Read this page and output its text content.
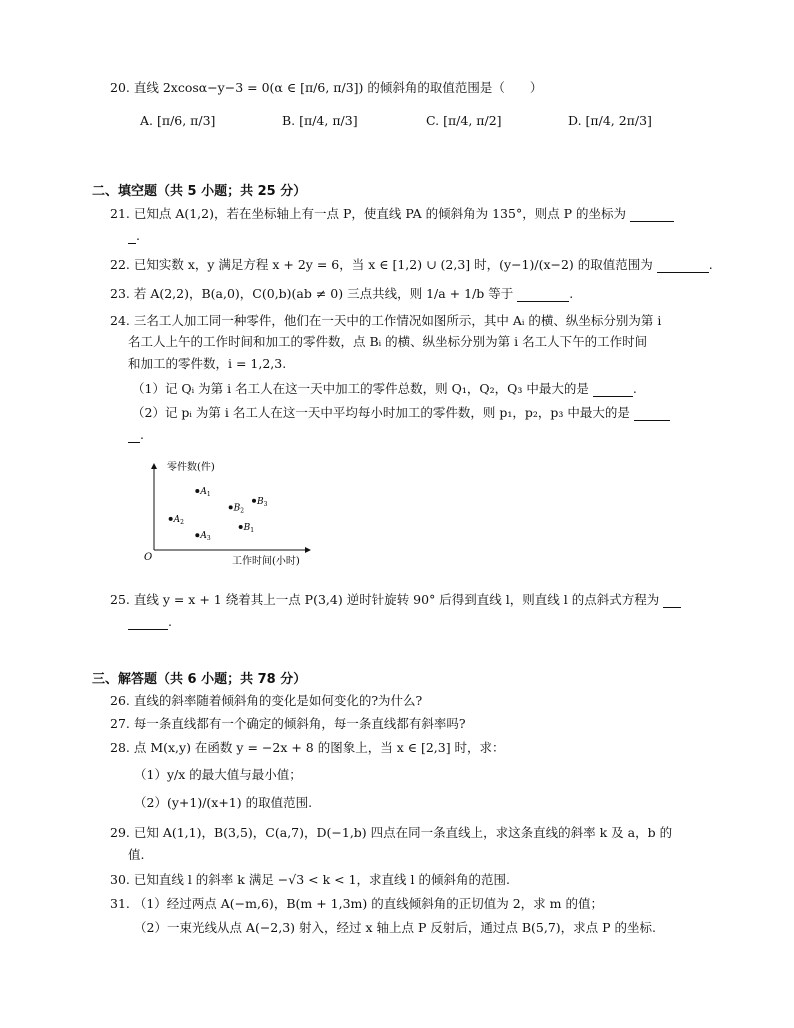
20. 直线 2xcosα−y−3 = 0(α ∈ [π/6, π/3]) 的倾斜角的取值范围是（　　）
A. [π/6, π/3]	B. [π/4, π/3]	C. [π/4, π/2]	D. [π/4, 2π/3]
二、填空题（共 5 小题；共 25 分）
21. 已知点 A(1,2)，若在坐标轴上有一点 P，使直线 PA 的倾斜角为 135°，则点 P 的坐标为
.
22. 已知实数 x，y 满足方程 x + 2y = 6，当 x ∈ [1,2) ∪ (2,3] 时，(y−1)/(x−2) 的取值范围为	.
23. 若 A(2,2)，B(a,0)，C(0,b)(ab ≠ 0) 三点共线，则 1/a + 1/b 等于	.
24. 三名工人加工同一种零件，他们在一天中的工作情况如图所示，其中 Aᵢ 的横、纵坐标分别为第 i
名工人上午的工作时间和加工的零件数，点 Bᵢ 的横、纵坐标分别为第 i 名工人下午的工作时间
和加工的零件数，i = 1,2,3.
（1）记 Qᵢ 为第 i 名工人在这一天中加工的零件总数，则 Q₁，Q₂，Q₃ 中最大的是	.
（2）记 pᵢ 为第 i 名工人在这一天中平均每小时加工的零件数，则 p₁，p₂，p₃ 中最大的是
.
零件数(件)
工作时间(小时)
O
$A_1$
$A_2$
$A_3$
$B_1$
$B_2$
$B_3$
25. 直线 y = x + 1 绕着其上一点 P(3,4) 逆时针旋转 90° 后得到直线 l，则直线 l 的点斜式方程为
.
三、解答题（共 6 小题；共 78 分）
26. 直线的斜率随着倾斜角的变化是如何变化的?为什么?
27. 每一条直线都有一个确定的倾斜角，每一条直线都有斜率吗?
28. 点 M(x,y) 在函数 y = −2x + 8 的图象上，当 x ∈ [2,3] 时，求：
（1）y/x 的最大值与最小值；
（2）(y+1)/(x+1) 的取值范围.
29. 已知 A(1,1)，B(3,5)，C(a,7)，D(−1,b) 四点在同一条直线上，求这条直线的斜率 k 及 a，b 的
值.
30. 已知直线 l 的斜率 k 满足 −√3 < k < 1，求直线 l 的倾斜角的范围.
31. （1）经过两点 A(−m,6)，B(m + 1,3m) 的直线倾斜角的正切值为 2，求 m 的值；
（2）一束光线从点 A(−2,3) 射入，经过 x 轴上点 P 反射后，通过点 B(5,7)，求点 P 的坐标.
